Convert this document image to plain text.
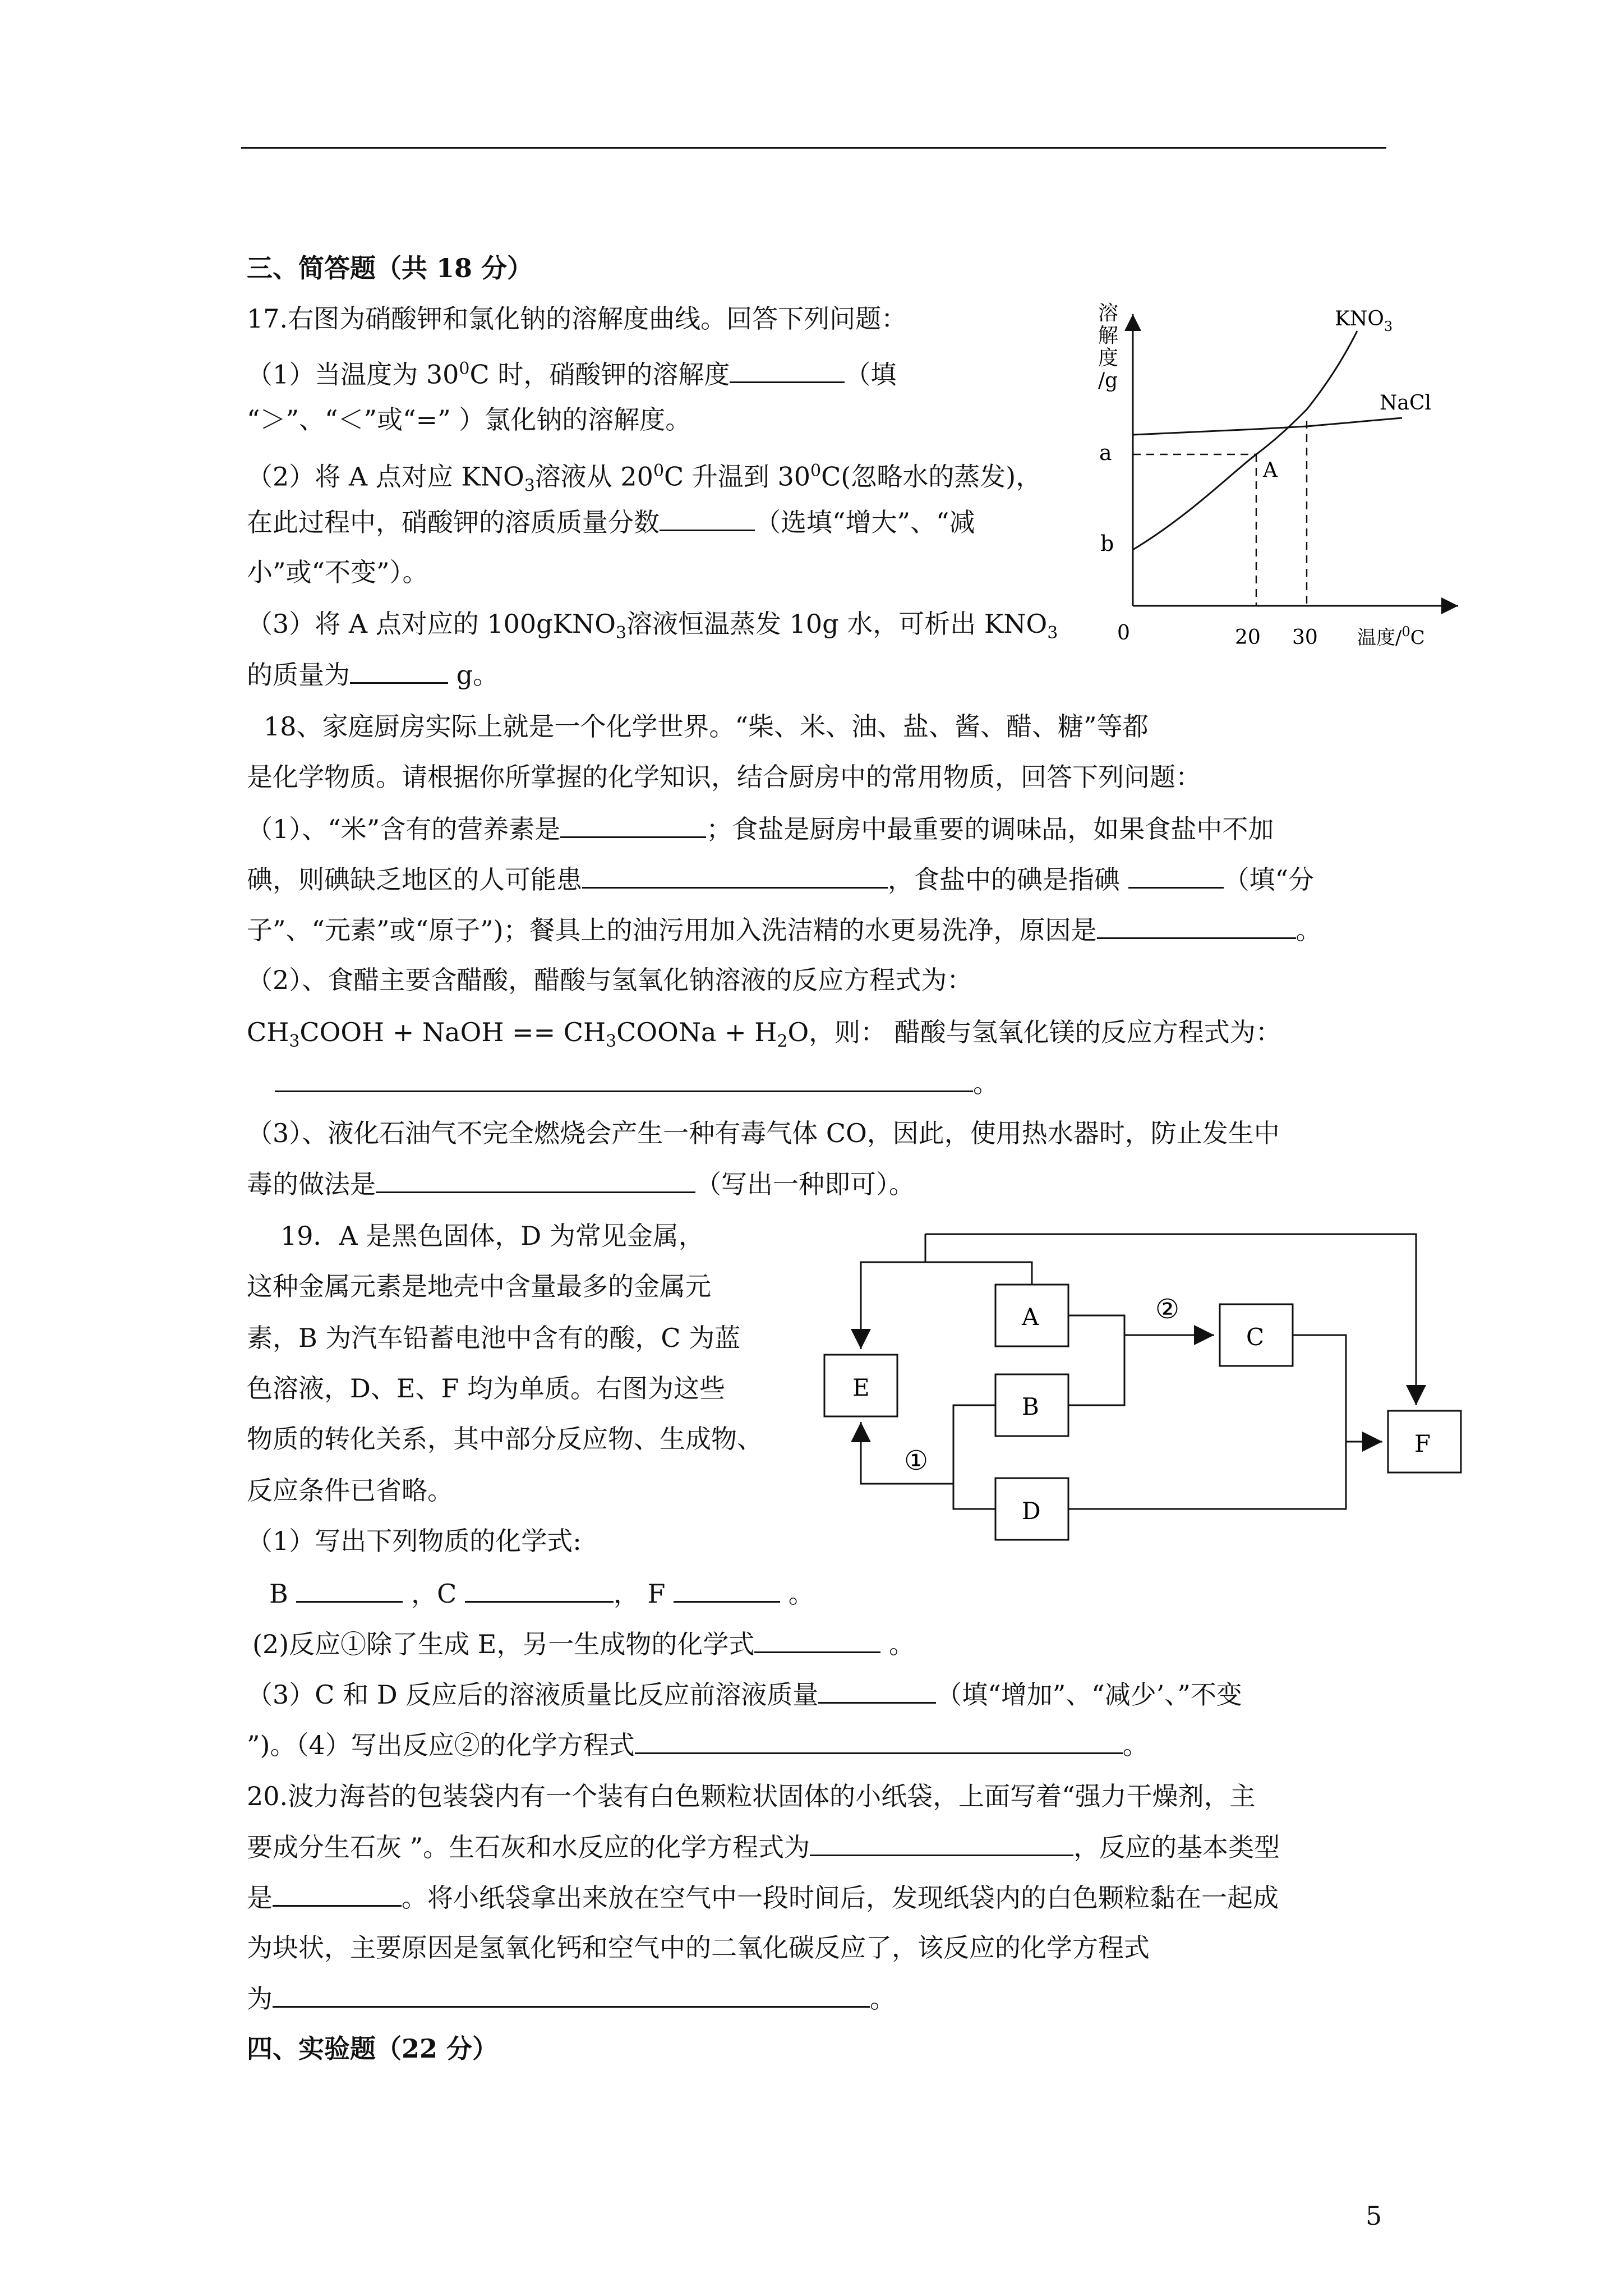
三、简答题（共 18 分）
17.右图为硝酸钾和氯化钠的溶解度曲线。回答下列问题：
（1）当温度为 $30^0C$ 时，硝酸钾的溶解度	（填
“＞”、“＜”或“=” ）氯化钠的溶解度。
（2）将 A 点对应 $KNO_3$溶液从 $20^0C$ 升温到 $30^0C$(忽略水的蒸发)，
在此过程中，硝酸钾的溶质质量分数	（选填“增大”、“减
小”或“不变”）。
（3）将 A 点对应的 100gKNO$_3$溶液恒温蒸发 10g 水，可析出 $KNO_3$
的质量为	g。
溶解度/g
0	20 30 温度/$^0$C
a
b
$KNO_3$
NaCl
A
18、家庭厨房实际上就是一个化学世界。“柴、米、油、盐、酱、醋、糖”等都
是化学物质。请根据你所掌握的化学知识，结合厨房中的常用物质，回答下列问题：
（1）、“米”含有的营养素是	；食盐是厨房中最重要的调味品，如果食盐中不加
碘，则碘缺乏地区的人可能患	，食盐中的碘是指碘	（填“分
子”、“元素”或“原子”)；餐具上的油污用加入洗洁精的水更易洗净，原因是	。
（2）、食醋主要含醋酸，醋酸与氢氧化钠溶液的反应方程式为：
$CH_3COOH$ + NaOH == $CH_3COONa + H_2O$，则： 醋酸与氢氧化镁的反应方程式为：
。
（3）、液化石油气不完全燃烧会产生一种有毒气体 CO，因此，使用热水器时，防止发生中
毒的做法是	（写出一种即可）。
19．A 是黑色固体，D 为常见金属，
这种金属元素是地壳中含量最多的金属元
素，B 为汽车铅蓄电池中含有的酸，C 为蓝
色溶液，D、E、F 均为单质。右图为这些
物质的转化关系，其中部分反应物、生成物、
反应条件已省略。
A
B
D
E
C
F
①
②
（1）写出下列物质的化学式:
B	，C	， F	。
(2)反应①除了生成 E，另一生成物的化学式	。
（3）C 和 D 反应后的溶液质量比反应前溶液质量	（填“增加”、“减少’、”不变
”)。（4）写出反应②的化学方程式	。
20.波力海苔的包装袋内有一个装有白色颗粒状固体的小纸袋，上面写着“强力干燥剂，主
要成分生石灰 ”。生石灰和水反应的化学方程式为	，反应的基本类型
是	。将小纸袋拿出来放在空气中一段时间后，发现纸袋内的白色颗粒黏在一起成
为块状，主要原因是氢氧化钙和空气中的二氧化碳反应了，该反应的化学方程式
为	。
四、实验题（22 分）
5
